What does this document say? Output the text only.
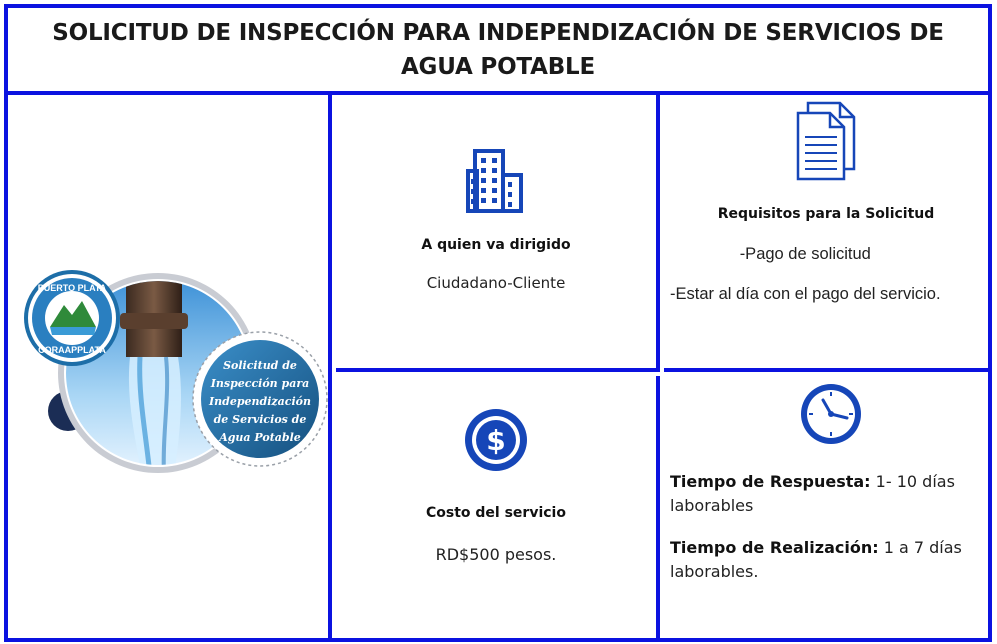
SOLICITUD DE INSPECCIÓN PARA INDEPENDIZACIÓN DE SERVICIOS DE AGUA POTABLE
PUERTO PLATA
CORAAPPLATA
Solicitud de
Inspección para
Independización
de Servicios de
Agua Potable
A quien va dirigido
Ciudadano-Cliente
Requisitos para la Solicitud
-Pago de solicitud
-Estar al día con el pago del servicio.
$
Costo del servicio
RD$500 pesos.
Tiempo de Respuesta: 1- 10 días laborables
Tiempo de Realización: 1 a 7 días laborables.
